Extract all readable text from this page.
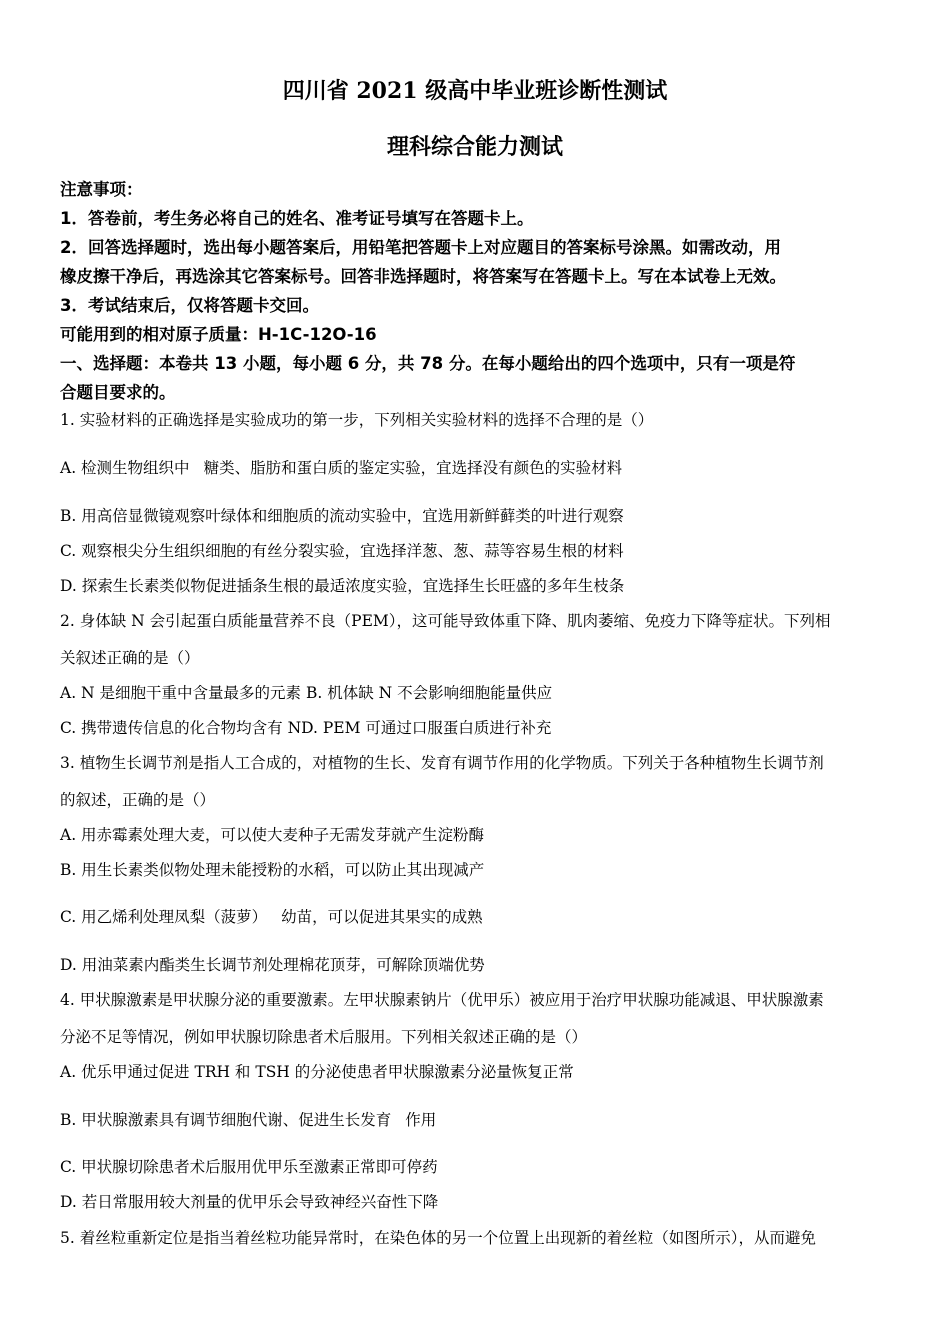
四川省 2021 级高中毕业班诊断性测试
理科综合能力测试
注意事项：
1．答卷前，考生务必将自己的姓名、准考证号填写在答题卡上。
2．回答选择题时，选出每小题答案后，用铅笔把答题卡上对应题目的答案标号涂黑。如需改动，用
橡皮擦干净后，再选涂其它答案标号。回答非选择题时，将答案写在答题卡上。写在本试卷上无效。
3．考试结束后，仅将答题卡交回。
可能用到的相对原子质量：H-1C-12O-16
一、选择题：本卷共 13 小题，每小题 6 分，共 78 分。在每小题给出的四个选项中，只有一项是符
合题目要求的。
1. 实验材料的正确选择是实验成功的第一步，下列相关实验材料的选择不合理的是（）
A. 检测生物组织中 糖类、脂肪和蛋白质的鉴定实验，宜选择没有颜色的实验材料
B. 用高倍显微镜观察叶绿体和细胞质的流动实验中，宜选用新鲜藓类的叶进行观察
C. 观察根尖分生组织细胞的有丝分裂实验，宜选择洋葱、葱、蒜等容易生根的材料
D. 探索生长素类似物促进插条生根的最适浓度实验，宜选择生长旺盛的多年生枝条
2. 身体缺 N 会引起蛋白质能量营养不良（PEM），这可能导致体重下降、肌肉萎缩、免疫力下降等症状。下列相
关叙述正确的是（）
A. N 是细胞干重中含量最多的元素 B. 机体缺 N 不会影响细胞能量供应
C. 携带遗传信息的化合物均含有 ND. PEM 可通过口服蛋白质进行补充
3. 植物生长调节剂是指人工合成的，对植物的生长、发育有调节作用的化学物质。下列关于各种植物生长调节剂
的叙述，正确的是（）
A. 用赤霉素处理大麦，可以使大麦种子无需发芽就产生淀粉酶
B. 用生长素类似物处理未能授粉的水稻，可以防止其出现减产
C. 用乙烯利处理凤梨（菠萝） 幼苗，可以促进其果实的成熟
D. 用油菜素内酯类生长调节剂处理棉花顶芽，可解除顶端优势
4. 甲状腺激素是甲状腺分泌的重要激素。左甲状腺素钠片（优甲乐）被应用于治疗甲状腺功能减退、甲状腺激素
分泌不足等情况，例如甲状腺切除患者术后服用。下列相关叙述正确的是（）
A. 优乐甲通过促进 TRH 和 TSH 的分泌使患者甲状腺激素分泌量恢复正常
B. 甲状腺激素具有调节细胞代谢、促进生长发育 作用
C. 甲状腺切除患者术后服用优甲乐至激素正常即可停药
D. 若日常服用较大剂量的优甲乐会导致神经兴奋性下降
5. 着丝粒重新定位是指当着丝粒功能异常时，在染色体的另一个位置上出现新的着丝粒（如图所示），从而避免
